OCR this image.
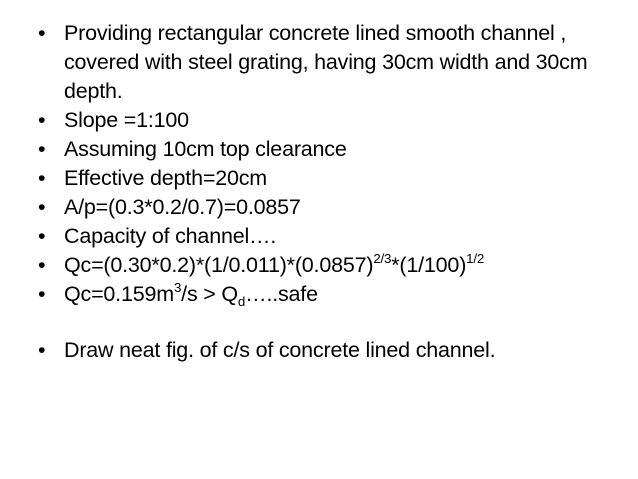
• Providing rectangular concrete lined smooth channel , covered with steel grating, having 30cm width and 30cm depth.
• Slope =1:100
• Assuming 10cm top clearance
• Effective depth=20cm
• A/p=(0.3*0.2/0.7)=0.0857
• Capacity of channel….
• $Qc=(0.30*0.2)*(1/0.011)*(0.0857)^{2/3}*(1/100)^{1/2}$
• $Qc=0.159m^3/s$ > $Q_d\dots..safe$
• Draw neat fig. of c/s of concrete lined channel.
